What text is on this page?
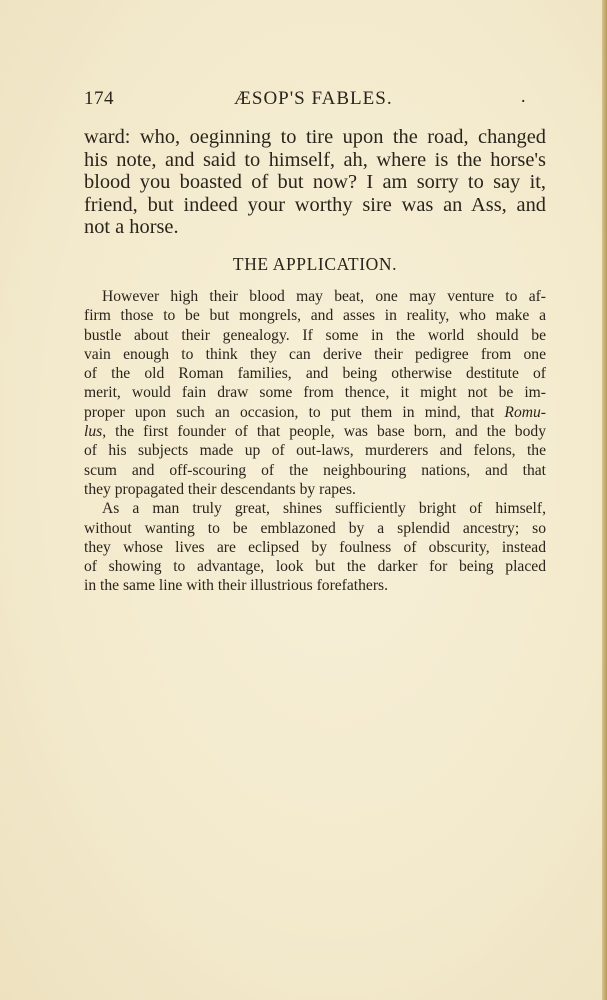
174	ÆSOP'S FABLES.	.

ward: who, oeginning to tire upon the road, changed
his note, and said to himself, ah, where is the horse's
blood you boasted of but now? I am sorry to say it,
friend, but indeed your worthy sire was an Ass, and
not a horse.

THE APPLICATION.
However high their blood may beat, one may venture to af-
firm those to be but mongrels, and asses in reality, who make a
bustle about their genealogy. If some in the world should be
vain enough to think they can derive their pedigree from one
of the old Roman families, and being otherwise destitute of
merit, would fain draw some from thence, it might not be im-
proper upon such an occasion, to put them in mind, that Romu-
lus, the first founder of that people, was base born, and the body
of his subjects made up of out-laws, murderers and felons, the
scum and off-scouring of the neighbouring nations, and that
they propagated their descendants by rapes.
As a man truly great, shines sufficiently bright of himself,
without wanting to be emblazoned by a splendid ancestry; so
they whose lives are eclipsed by foulness of obscurity, instead
of showing to advantage, look but the darker for being placed
in the same line with their illustrious forefathers.
